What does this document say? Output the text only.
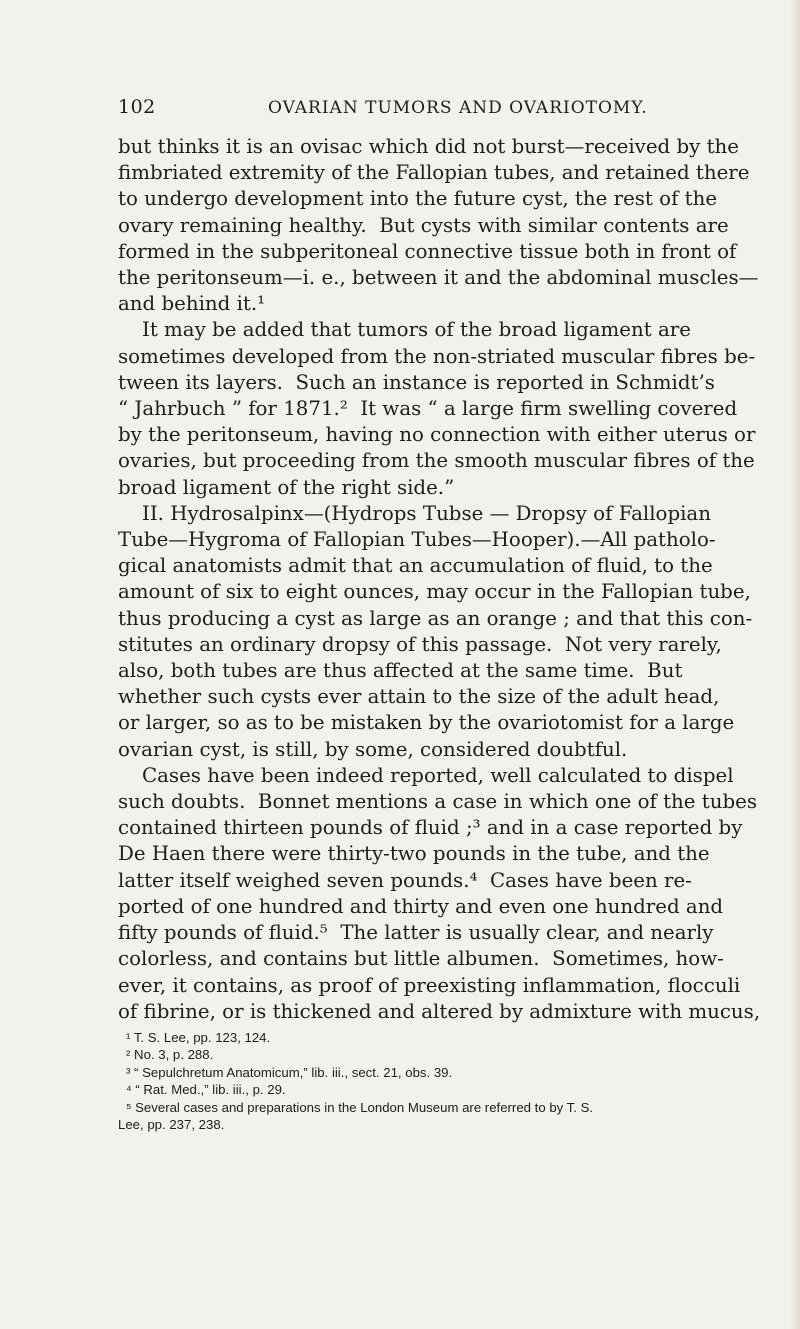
102	OVARIAN TUMORS AND OVARIOTOMY.
but thinks it is an ovisac which did not burst—received by the
fimbriated extremity of the Fallopian tubes, and retained there
to undergo development into the future cyst, the rest of the
ovary remaining healthy.  But cysts with similar contents are
formed in the subperitoneal connective tissue both in front of
the peritonseum—i. e., between it and the abdominal muscles—
and behind it.¹
It may be added that tumors of the broad ligament are
sometimes developed from the non-striated muscular fibres be-
tween its layers.  Such an instance is reported in Schmidt’s
“ Jahrbuch ” for 1871.²  It was “ a large firm swelling covered
by the peritonseum, having no connection with either uterus or
ovaries, but proceeding from the smooth muscular fibres of the
broad ligament of the right side.”
II. Hydrosalpinx—(Hydrops Tubse — Dropsy of Fallopian
Tube—Hygroma of Fallopian Tubes—Hooper).—All patholo-
gical anatomists admit that an accumulation of fluid, to the
amount of six to eight ounces, may occur in the Fallopian tube,
thus producing a cyst as large as an orange ; and that this con-
stitutes an ordinary dropsy of this passage.  Not very rarely,
also, both tubes are thus affected at the same time.  But
whether such cysts ever attain to the size of the adult head,
or larger, so as to be mistaken by the ovariotomist for a large
ovarian cyst, is still, by some, considered doubtful.
Cases have been indeed reported, well calculated to dispel
such doubts.  Bonnet mentions a case in which one of the tubes
contained thirteen pounds of fluid ;³ and in a case reported by
De Haen there were thirty-two pounds in the tube, and the
latter itself weighed seven pounds.⁴  Cases have been re-
ported of one hundred and thirty and even one hundred and
fifty pounds of fluid.⁵  The latter is usually clear, and nearly
colorless, and contains but little albumen.  Sometimes, how-
ever, it contains, as proof of preexisting inflammation, flocculi
of fibrine, or is thickened and altered by admixture with mucus,
¹ T. S. Lee, pp. 123, 124.
² No. 3, p. 288.
³ “ Sepulchretum Anatomicum,” lib. iii., sect. 21, obs. 39.
⁴ “ Rat. Med.,” lib. iii., p. 29.
⁵ Several cases and preparations in the London Museum are referred to by T. S.
Lee, pp. 237, 238.
